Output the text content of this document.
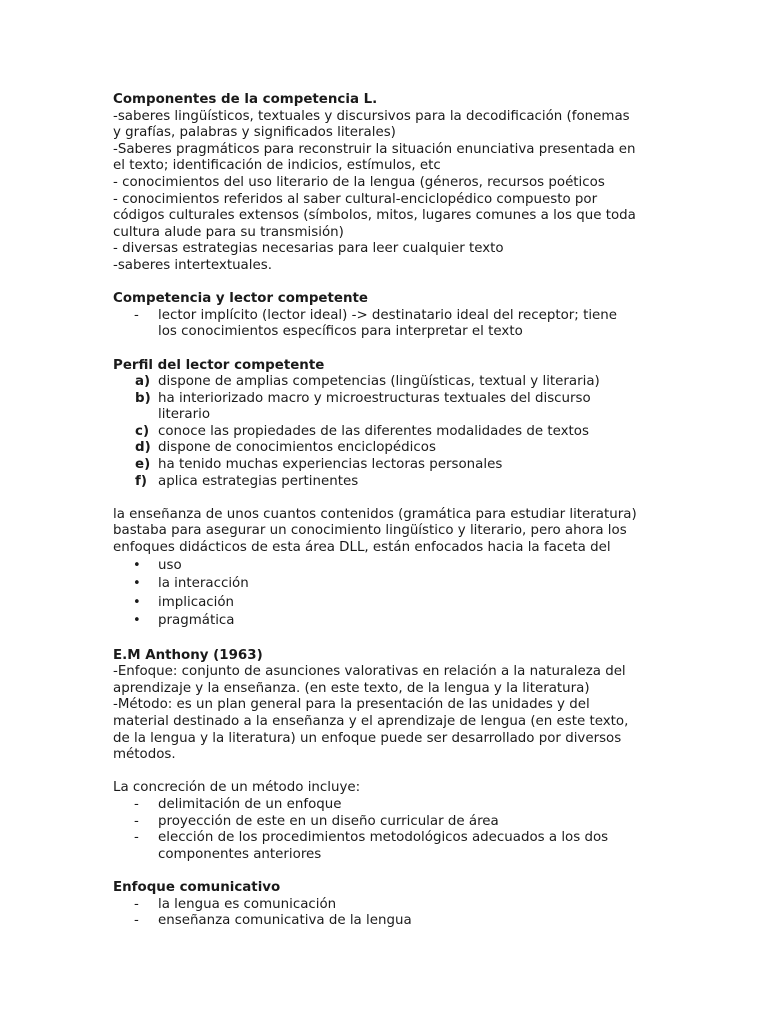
Componentes de la competencia L.

-saberes lingüísticos, textuales y discursivos para la decodificación (fonemas

y grafías, palabras y significados literales)

-Saberes pragmáticos para reconstruir la situación enunciativa presentada en

el texto; identificación de indicios, estímulos, etc

- conocimientos del uso literario de la lengua (géneros, recursos poéticos

- conocimientos referidos al saber cultural-enciclopédico compuesto por

códigos culturales extensos (símbolos, mitos, lugares comunes a los que toda

cultura alude para su transmisión)

- diversas estrategias necesarias para leer cualquier texto

-saberes intertextuales.

Competencia y lector competente

- lector implícito (lector ideal) -> destinatario ideal del receptor; tiene

los conocimientos específicos para interpretar el texto

Perfil del lector competente

a) dispone de amplias competencias (lingüísticas, textual y literaria)

b) ha interiorizado macro y microestructuras textuales del discurso

literario

c) conoce las propiedades de las diferentes modalidades de textos

d) dispone de conocimientos enciclopédicos

e) ha tenido muchas experiencias lectoras personales

f) aplica estrategias pertinentes

la enseñanza de unos cuantos contenidos (gramática para estudiar literatura)

bastaba para asegurar un conocimiento lingüístico y literario, pero ahora los

enfoques didácticos de esta área DLL, están enfocados hacia la faceta del

• uso
• la interacción
• implicación
• pragmática

E.M Anthony (1963)

-Enfoque: conjunto de asunciones valorativas en relación a la naturaleza del

aprendizaje y la enseñanza. (en este texto, de la lengua y la literatura)

-Método: es un plan general para la presentación de las unidades y del

material destinado a la enseñanza y el aprendizaje de lengua (en este texto,

de la lengua y la literatura) un enfoque puede ser desarrollado por diversos

métodos.

La concreción de un método incluye:

- delimitación de un enfoque

- proyección de este en un diseño curricular de área

- elección de los procedimientos metodológicos adecuados a los dos

componentes anteriores

Enfoque comunicativo

- la lengua es comunicación

- enseñanza comunicativa de la lengua
